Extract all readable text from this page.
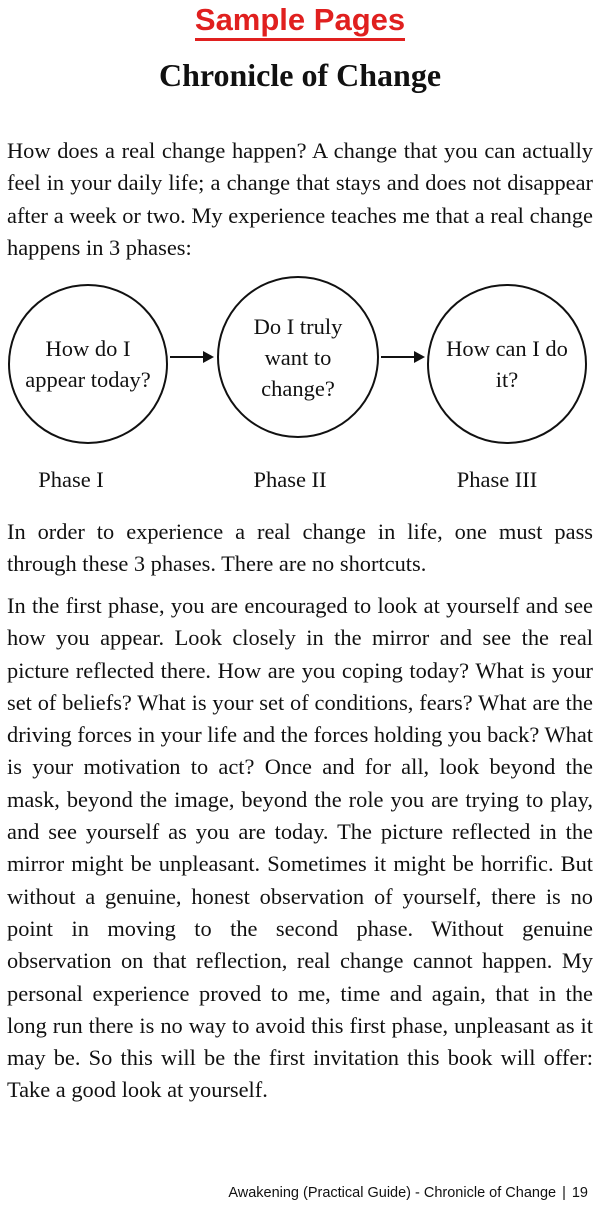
Sample Pages
Chronicle of Change

How does a real change happen? A change that you can actually feel in your daily life; a change that stays and does not disappear after a week or two. My experience teaches me that a real change happens in 3 phases:

How do I appear today?
Do I truly want to change?
How can I do it?
Phase I	Phase II	Phase III

In order to experience a real change in life, one must pass through these 3 phases. There are no shortcuts.

In the first phase, you are encouraged to look at yourself and see how you appear. Look closely in the mirror and see the real picture reflected there. How are you coping today? What is your set of beliefs? What is your set of conditions, fears? What are the driving forces in your life and the forces holding you back? What is your motivation to act? Once and for all, look beyond the mask, beyond the image, beyond the role you are trying to play, and see yourself as you are today. The picture reflected in the mirror might be unpleasant. Sometimes it might be horrific. But without a genuine, honest observation of yourself, there is no point in moving to the second phase. Without genuine observation on that reflection, real change cannot happen. My personal experience proved to me, time and again, that in the long run there is no way to avoid this first phase, unpleasant as it may be. So this will be the first invitation this book will offer: Take a good look at yourself.

Awakening (Practical Guide) - Chronicle of Change | 19
